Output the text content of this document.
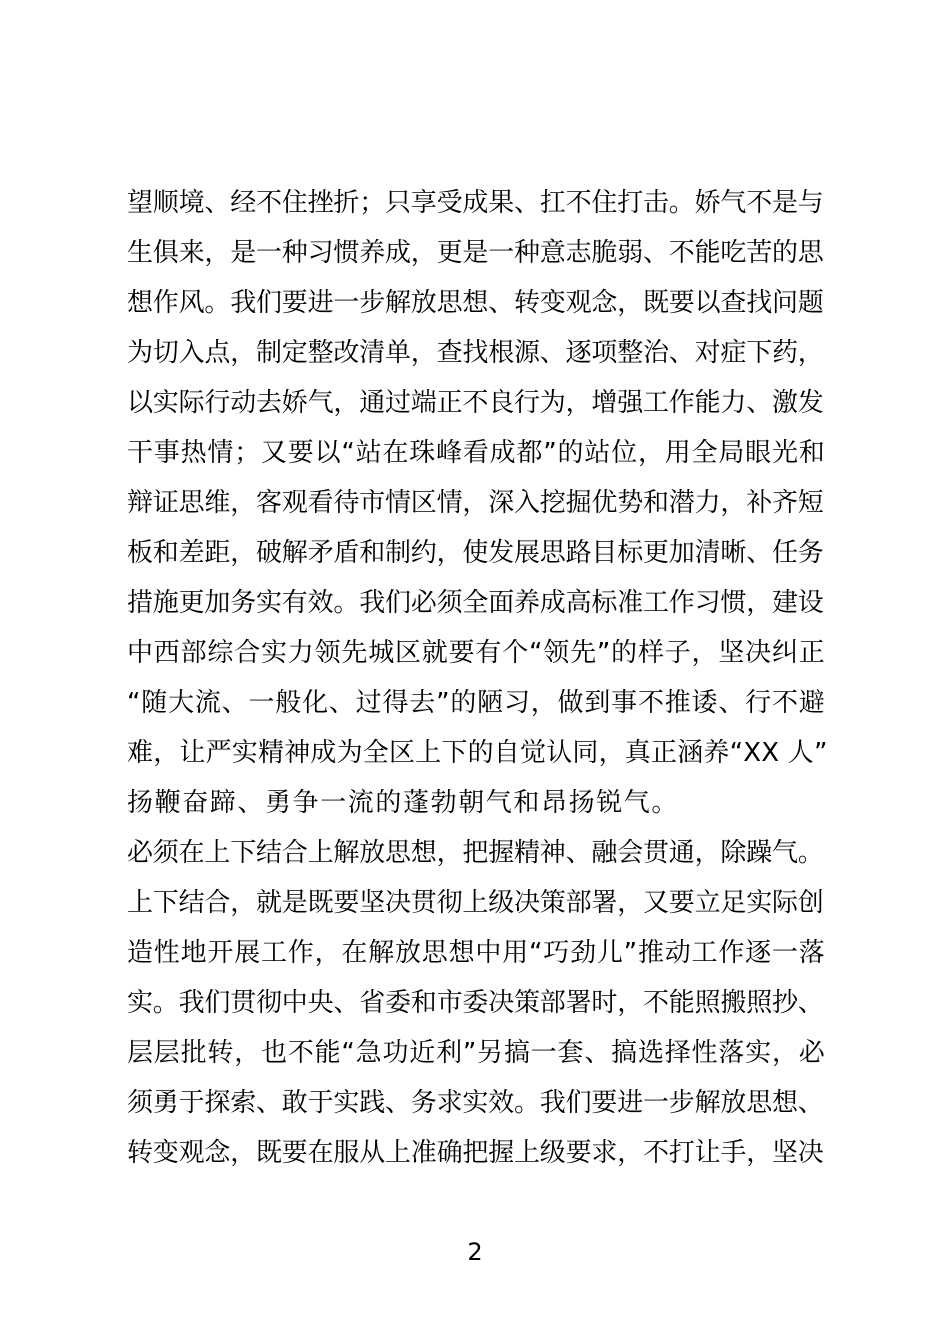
望顺境、经不住挫折；只享受成果、扛不住打击。娇气不是与
生俱来，是一种习惯养成，更是一种意志脆弱、不能吃苦的思
想作风。我们要进一步解放思想、转变观念，既要以查找问题
为切入点，制定整改清单，查找根源、逐项整治、对症下药，
以实际行动去娇气，通过端正不良行为，增强工作能力、激发
干事热情；又要以“站在珠峰看成都”的站位，用全局眼光和
辩证思维，客观看待市情区情，深入挖掘优势和潜力，补齐短
板和差距，破解矛盾和制约，使发展思路目标更加清晰、任务
措施更加务实有效。我们必须全面养成高标准工作习惯，建设
中西部综合实力领先城区就要有个“领先”的样子，坚决纠正
“随大流、一般化、过得去”的陋习，做到事不推诿、行不避
难，让严实精神成为全区上下的自觉认同，真正涵养“XX 人”
扬鞭奋蹄、勇争一流的蓬勃朝气和昂扬锐气。
必须在上下结合上解放思想，把握精神、融会贯通，除躁气。
上下结合，就是既要坚决贯彻上级决策部署，又要立足实际创
造性地开展工作，在解放思想中用“巧劲儿”推动工作逐一落
实。我们贯彻中央、省委和市委决策部署时，不能照搬照抄、
层层批转，也不能“急功近利”另搞一套、搞选择性落实，必
须勇于探索、敢于实践、务求实效。我们要进一步解放思想、
转变观念，既要在服从上准确把握上级要求，不打让手，坚决
2
